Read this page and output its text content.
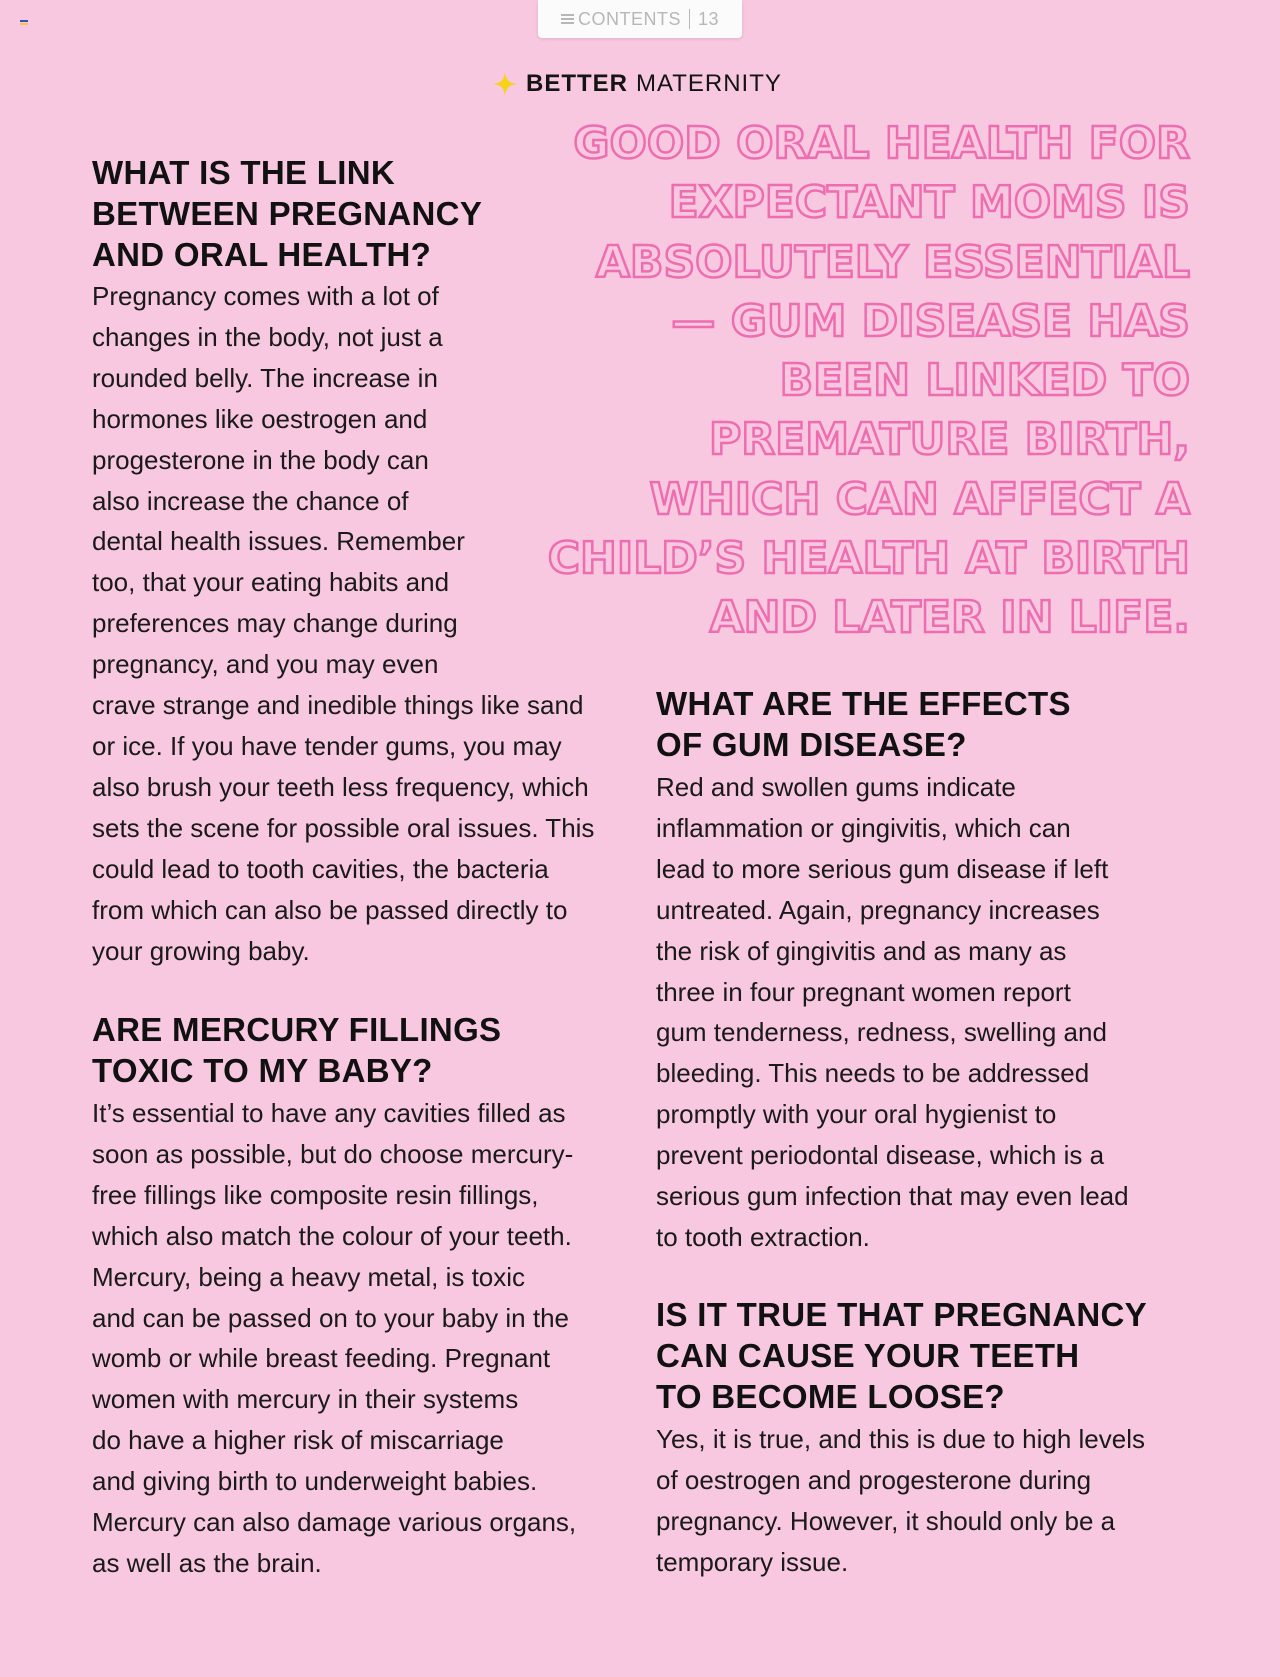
CONTENTS 13
BETTER MATERNITY
GOOD ORAL HEALTH FOR
EXPECTANT MOMS IS
ABSOLUTELY ESSENTIAL
— GUM DISEASE HAS
BEEN LINKED TO
PREMATURE BIRTH,
WHICH CAN AFFECT A
CHILD’S HEALTH AT BIRTH
AND LATER IN LIFE.
WHAT IS THE LINK
BETWEEN PREGNANCY
AND ORAL HEALTH?
Pregnancy comes with a lot of
changes in the body, not just a
rounded belly. The increase in
hormones like oestrogen and
progesterone in the body can
also increase the chance of
dental health issues. Remember
too, that your eating habits and
preferences may change during
pregnancy, and you may even
crave strange and inedible things like sand
or ice. If you have tender gums, you may
also brush your teeth less frequency, which
sets the scene for possible oral issues. This
could lead to tooth cavities, the bacteria
from which can also be passed directly to
your growing baby.
ARE MERCURY FILLINGS
TOXIC TO MY BABY?
It’s essential to have any cavities filled as
soon as possible, but do choose mercury-
free fillings like composite resin fillings,
which also match the colour of your teeth.
Mercury, being a heavy metal, is toxic
and can be passed on to your baby in the
womb or while breast feeding. Pregnant
women with mercury in their systems
do have a higher risk of miscarriage
and giving birth to underweight babies.
Mercury can also damage various organs,
as well as the brain.
WHAT ARE THE EFFECTS
OF GUM DISEASE?
Red and swollen gums indicate
inflammation or gingivitis, which can
lead to more serious gum disease if left
untreated. Again, pregnancy increases
the risk of gingivitis and as many as
three in four pregnant women report
gum tenderness, redness, swelling and
bleeding. This needs to be addressed
promptly with your oral hygienist to
prevent periodontal disease, which is a
serious gum infection that may even lead
to tooth extraction.
IS IT TRUE THAT PREGNANCY
CAN CAUSE YOUR TEETH
TO BECOME LOOSE?
Yes, it is true, and this is due to high levels
of oestrogen and progesterone during
pregnancy. However, it should only be a
temporary issue.
